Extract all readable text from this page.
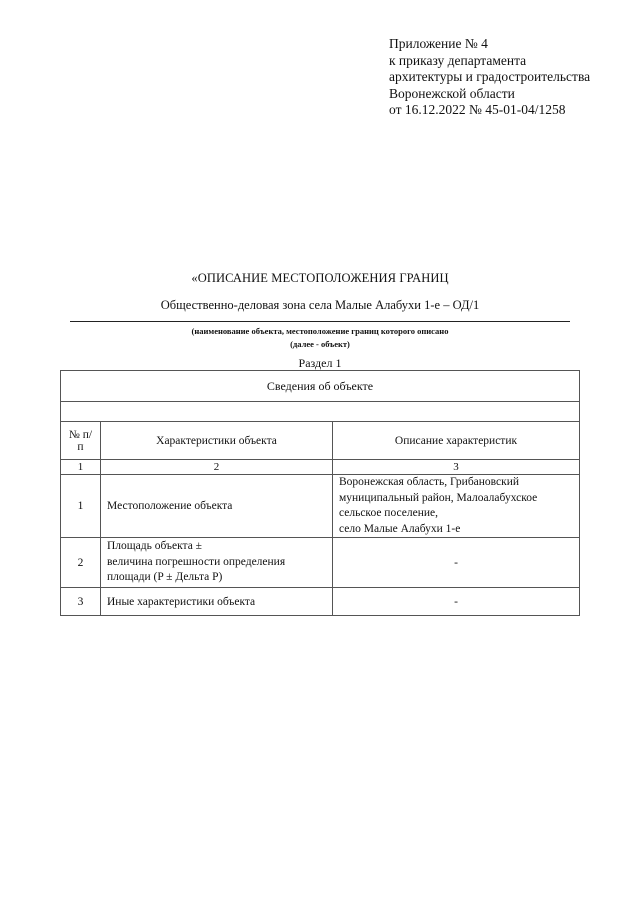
Приложение № 4
к приказу департамента
архитектуры и градостроительства
Воронежской области
от 16.12.2022 № 45-01-04/1258
«ОПИСАНИЕ МЕСТОПОЛОЖЕНИЯ ГРАНИЦ
Общественно-деловая зона села Малые Алабухи 1-е – ОД/1
(наименование объекта, местоположение границ которого описано
(далее - объект)
Раздел 1
Сведения об объекте		

№ п/п	Характеристики объекта	Описание характеристик
1	2	3
1	Местоположение объекта	Воронежская область, Грибановский
муниципальный район, Малоалабухское
сельское поселение,
село Малые Алабухи 1-е

2	Площадь объекта ±
величина погрешности определения
площади (P ± Дельта P)	-
3	Иные характеристики объекта	-
